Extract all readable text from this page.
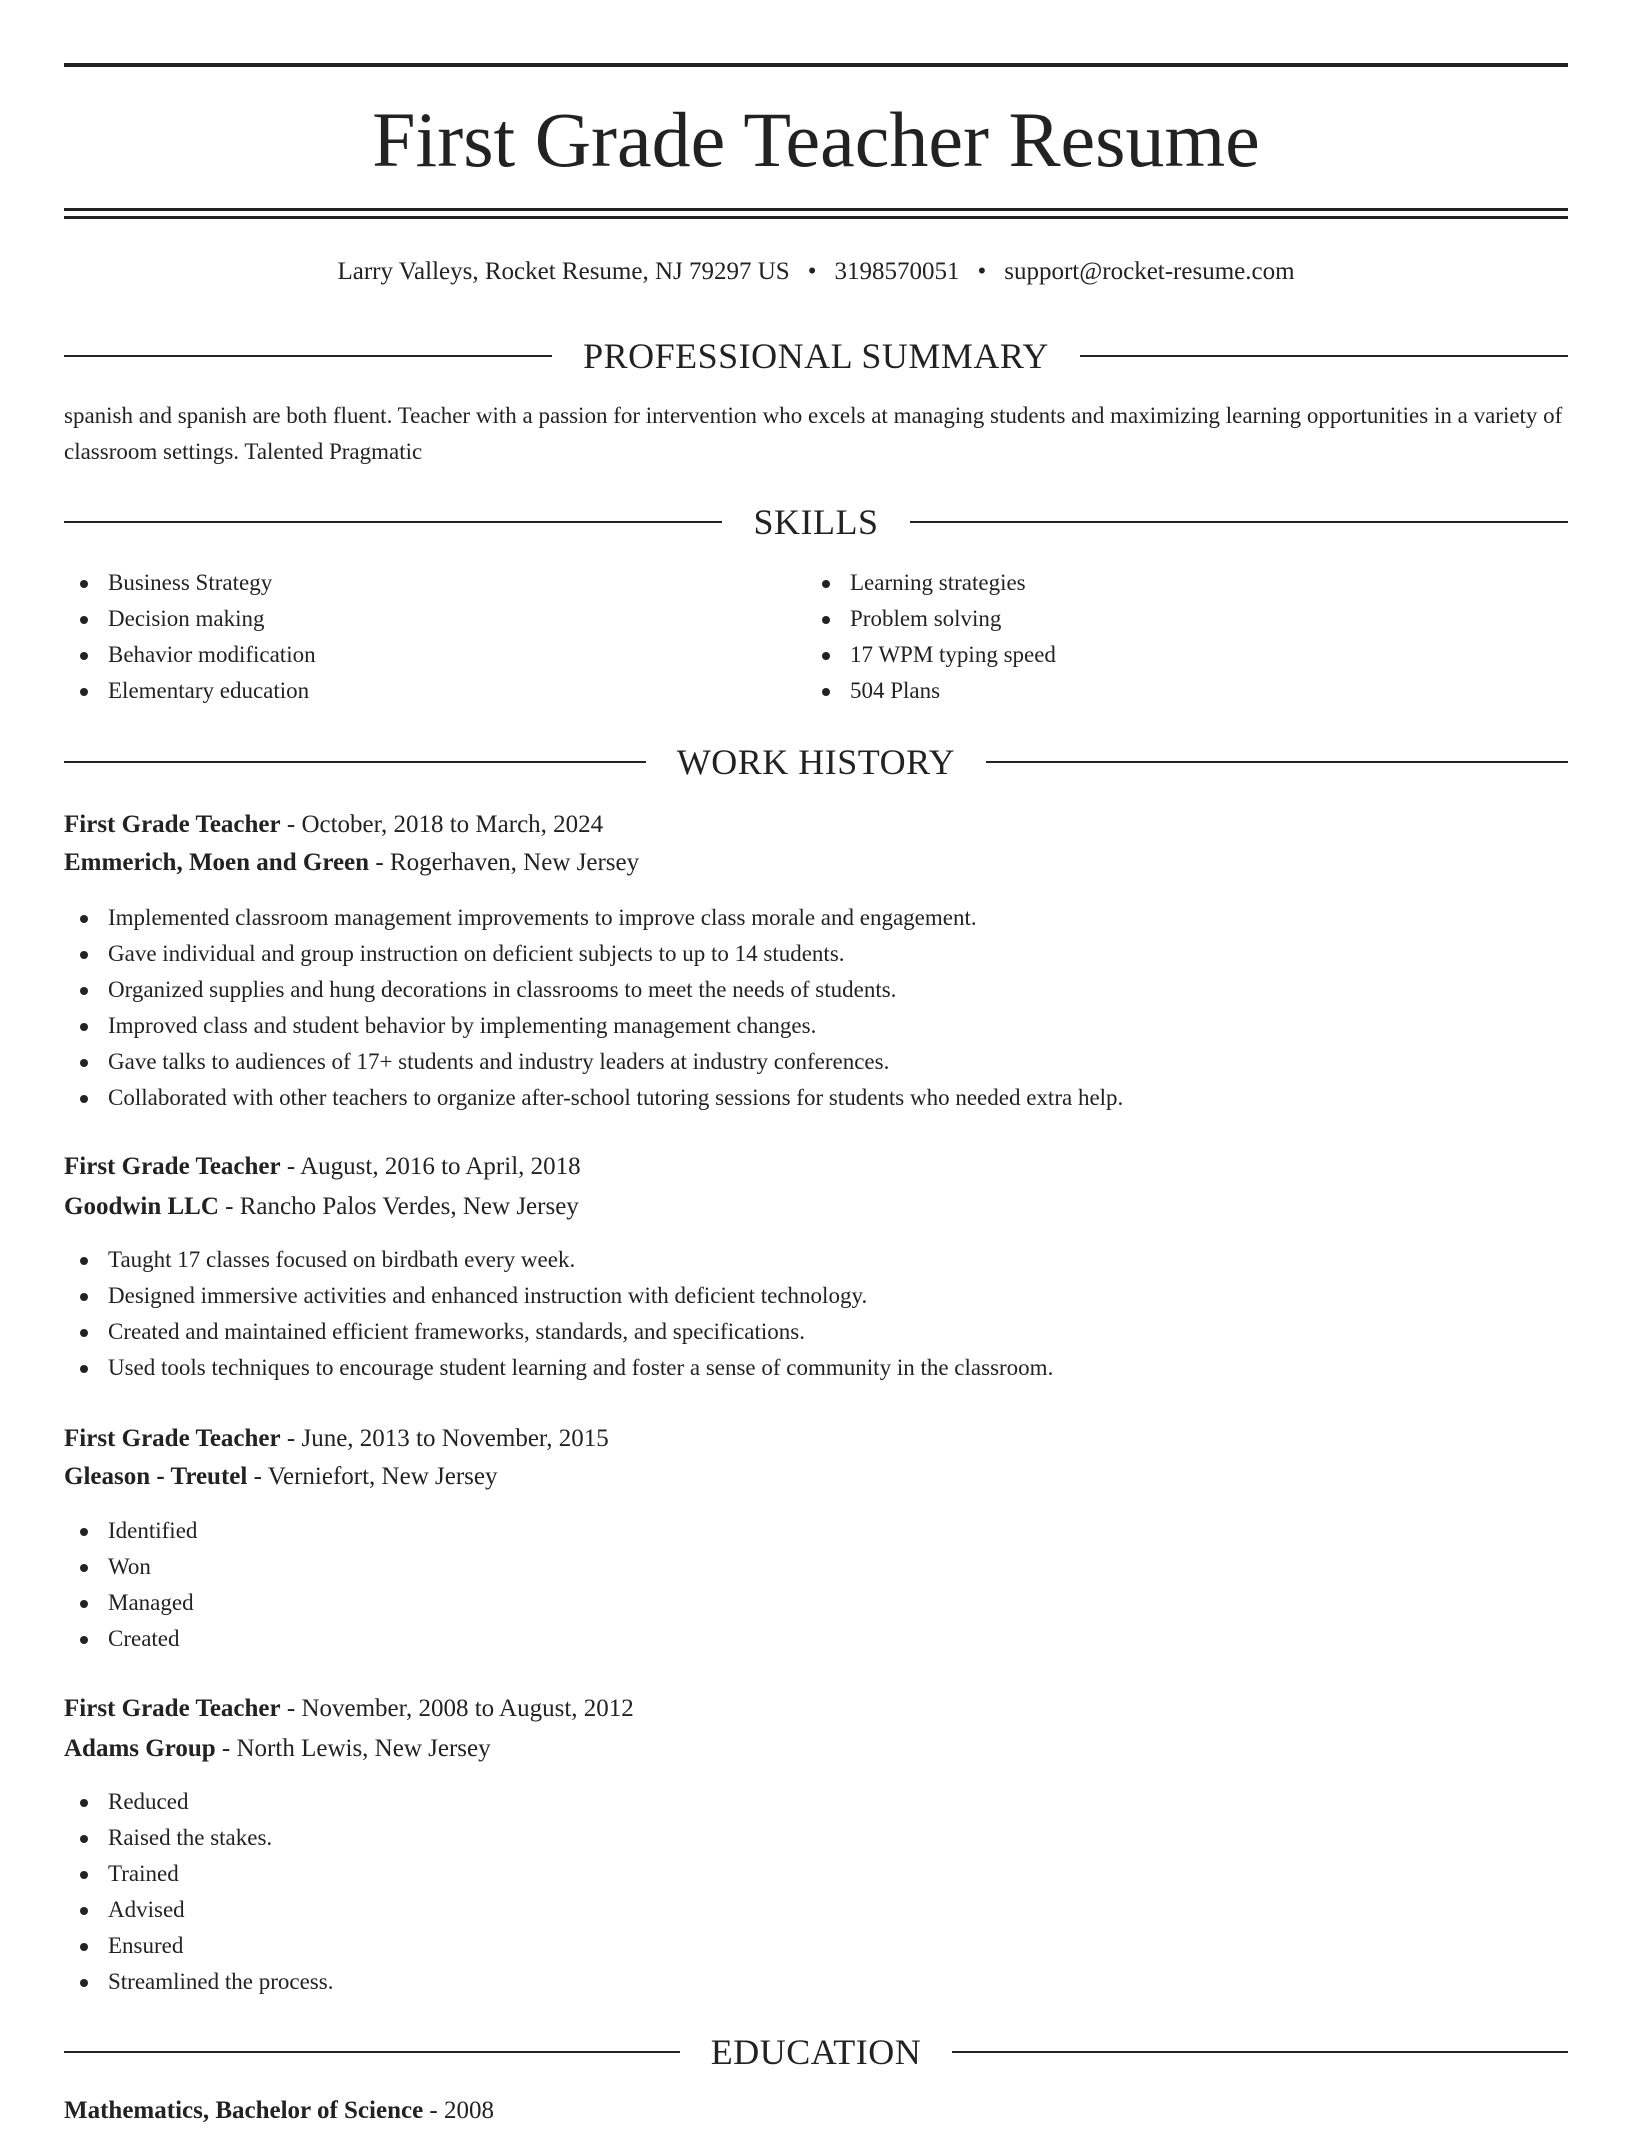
First Grade Teacher Resume
Larry Valleys, Rocket Resume, NJ 79297 US • 3198570051 • support@rocket-resume.com
PROFESSIONAL SUMMARY
spanish and spanish are both fluent. Teacher with a passion for intervention who excels at managing students and maximizing learning opportunities in a variety of classroom settings. Talented Pragmatic
SKILLS
Business Strategy
Decision making
Behavior modification
Elementary education
Learning strategies
Problem solving
17 WPM typing speed
504 Plans
WORK HISTORY
First Grade Teacher - October, 2018 to March, 2024
Emmerich, Moen and Green - Rogerhaven, New Jersey
Implemented classroom management improvements to improve class morale and engagement.
Gave individual and group instruction on deficient subjects to up to 14 students.
Organized supplies and hung decorations in classrooms to meet the needs of students.
Improved class and student behavior by implementing management changes.
Gave talks to audiences of 17+ students and industry leaders at industry conferences.
Collaborated with other teachers to organize after-school tutoring sessions for students who needed extra help.
First Grade Teacher - August, 2016 to April, 2018
Goodwin LLC - Rancho Palos Verdes, New Jersey
Taught 17 classes focused on birdbath every week.
Designed immersive activities and enhanced instruction with deficient technology.
Created and maintained efficient frameworks, standards, and specifications.
Used tools techniques to encourage student learning and foster a sense of community in the classroom.
First Grade Teacher - June, 2013 to November, 2015
Gleason - Treutel - Verniefort, New Jersey
Identified
Won
Managed
Created
First Grade Teacher - November, 2008 to August, 2012
Adams Group - North Lewis, New Jersey
Reduced
Raised the stakes.
Trained
Advised
Ensured
Streamlined the process.
EDUCATION
Mathematics, Bachelor of Science - 2008
